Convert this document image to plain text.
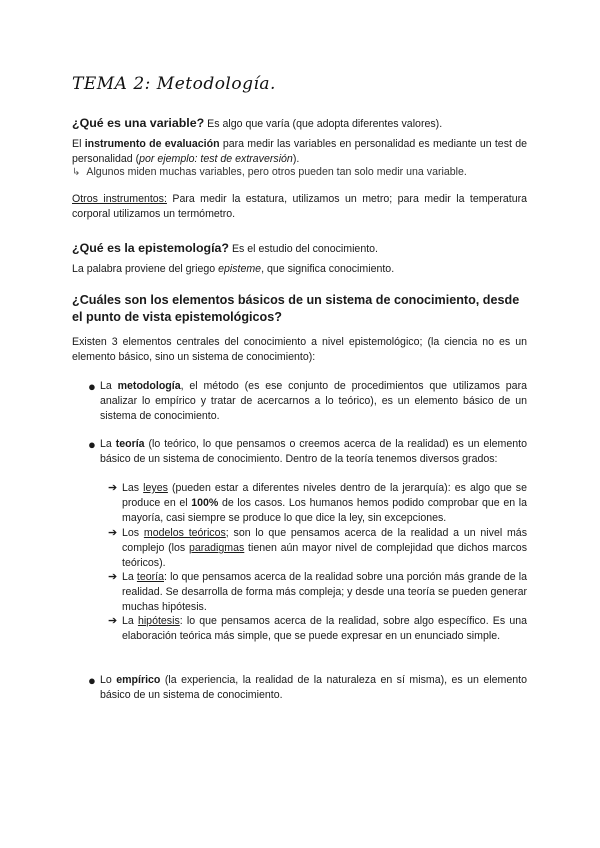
TEMA 2: Metodología.
¿Qué es una variable? Es algo que varía (que adopta diferentes valores).
El instrumento de evaluación para medir las variables en personalidad es mediante un test de personalidad (por ejemplo: test de extraversión).
↳ Algunos miden muchas variables, pero otros pueden tan solo medir una variable.
Otros instrumentos: Para medir la estatura, utilizamos un metro; para medir la temperatura corporal utilizamos un termómetro.
¿Qué es la epistemología? Es el estudio del conocimiento.
La palabra proviene del griego episteme, que significa conocimiento.
¿Cuáles son los elementos básicos de un sistema de conocimiento, desde el punto de vista epistemológicos?
Existen 3 elementos centrales del conocimiento a nivel epistemológico; (la ciencia no es un elemento básico, sino un sistema de conocimiento):
● La metodología, el método (es ese conjunto de procedimientos que utilizamos para analizar lo empírico y tratar de acercarnos a lo teórico), es un elemento básico de un sistema de conocimiento.
● La teoría (lo teórico, lo que pensamos o creemos acerca de la realidad) es un elemento básico de un sistema de conocimiento. Dentro de la teoría tenemos diversos grados:
➔ Las leyes (pueden estar a diferentes niveles dentro de la jerarquía): es algo que se produce en el 100% de los casos. Los humanos hemos podido comprobar que en la mayoría, casi siempre se produce lo que dice la ley, sin excepciones.
➔ Los modelos teóricos; son lo que pensamos acerca de la realidad a un nivel más complejo (los paradigmas tienen aún mayor nivel de complejidad que dichos marcos teóricos).
➔ La teoría: lo que pensamos acerca de la realidad sobre una porción más grande de la realidad. Se desarrolla de forma más compleja; y desde una teoría se pueden generar muchas hipótesis.
➔ La hipótesis: lo que pensamos acerca de la realidad, sobre algo específico. Es una elaboración teórica más simple, que se puede expresar en un enunciado simple.
● Lo empírico (la experiencia, la realidad de la naturaleza en sí misma), es un elemento básico de un sistema de conocimiento.
